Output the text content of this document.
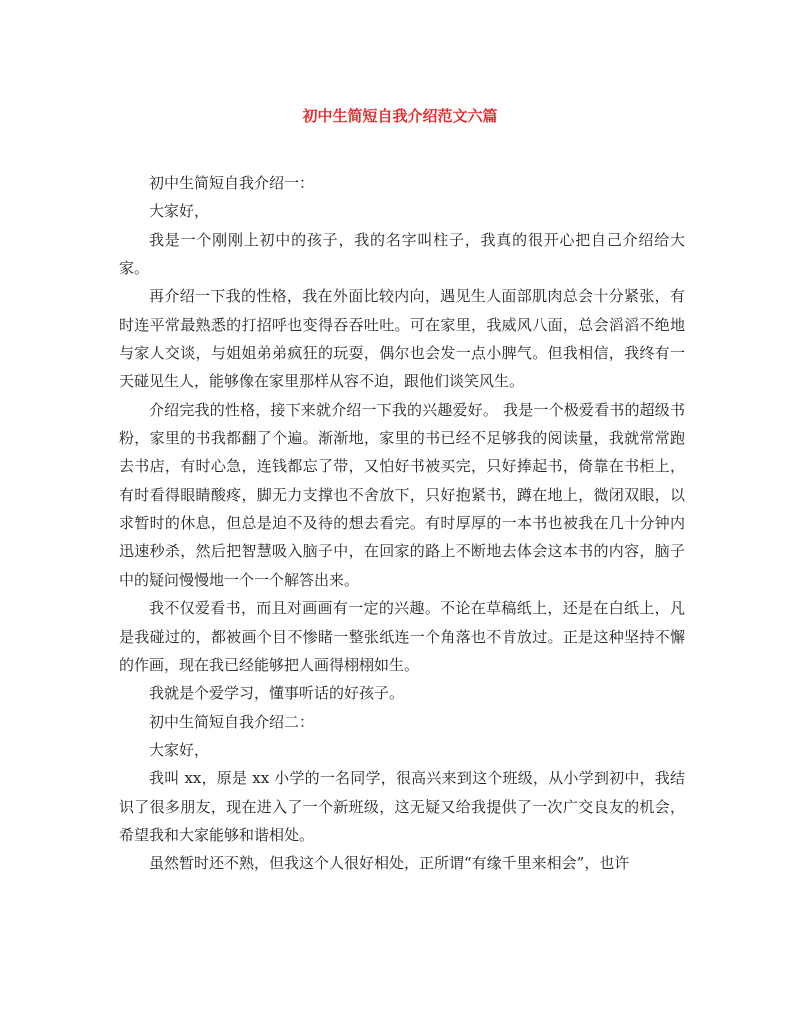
初中生简短自我介绍范文六篇

初中生简短自我介绍一：

大家好，

我是一个刚刚上初中的孩子，我的名字叫柱子，我真的很开心把自己介绍给大家。

再介绍一下我的性格，我在外面比较内向，遇见生人面部肌肉总会十分紧张，有时连平常最熟悉的打招呼也变得吞吞吐吐。可在家里，我威风八面，总会滔滔不绝地与家人交谈，与姐姐弟弟疯狂的玩耍，偶尔也会发一点小脾气。但我相信，我终有一天碰见生人，能够像在家里那样从容不迫，跟他们谈笑风生。

介绍完我的性格，接下来就介绍一下我的兴趣爱好。 我是一个极爱看书的超级书粉，家里的书我都翻了个遍。渐渐地，家里的书已经不足够我的阅读量，我就常常跑去书店，有时心急，连钱都忘了带，又怕好书被买完，只好捧起书，倚靠在书柜上，有时看得眼睛酸疼，脚无力支撑也不舍放下，只好抱紧书，蹲在地上，微闭双眼，以求暂时的休息，但总是迫不及待的想去看完。有时厚厚的一本书也被我在几十分钟内迅速秒杀，然后把智慧吸入脑子中，在回家的路上不断地去体会这本书的内容，脑子中的疑问慢慢地一个一个解答出来。

我不仅爱看书，而且对画画有一定的兴趣。不论在草稿纸上，还是在白纸上，凡是我碰过的，都被画个目不惨睹一整张纸连一个角落也不肯放过。正是这种坚持不懈的作画，现在我已经能够把人画得栩栩如生。

我就是个爱学习，懂事听话的好孩子。

初中生简短自我介绍二：

大家好，

我叫 xx，原是 xx 小学的一名同学，很高兴来到这个班级，从小学到初中，我结识了很多朋友，现在进入了一个新班级，这无疑又给我提供了一次广交良友的机会，希望我和大家能够和谐相处。

虽然暂时还不熟，但我这个人很好相处，正所谓“有缘千里来相会”，也许
